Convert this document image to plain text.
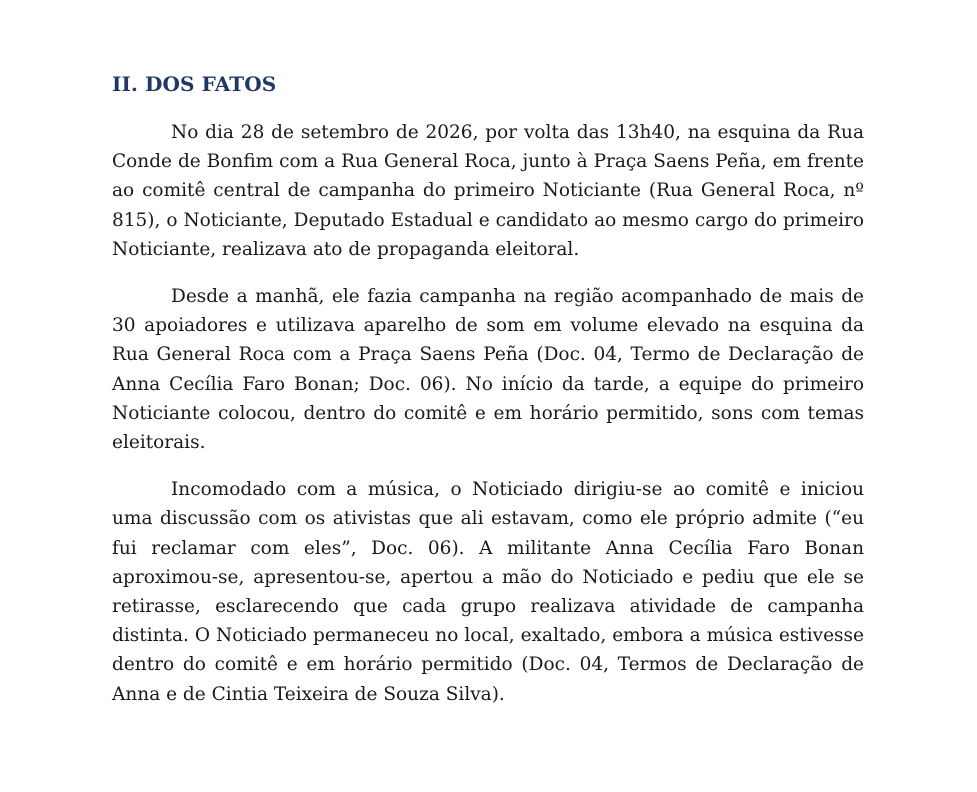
II. DOS FATOS

No dia 28 de setembro de 2026, por volta das 13h40, na esquina da Rua Conde de Bonfim com a Rua General Roca, junto à Praça Saens Peña, em frente ao comitê central de campanha do primeiro Noticiante (Rua General Roca, nº 815), o Noticiante, Deputado Estadual e candidato ao mesmo cargo do primeiro Noticiante, realizava ato de propaganda eleitoral.

Desde a manhã, ele fazia campanha na região acompanhado de mais de 30 apoiadores e utilizava aparelho de som em volume elevado na esquina da Rua General Roca com a Praça Saens Peña (Doc. 04, Termo de Declaração de Anna Cecília Faro Bonan; Doc. 06). No início da tarde, a equipe do primeiro Noticiante colocou, dentro do comitê e em horário permitido, sons com temas eleitorais.

Incomodado com a música, o Noticiado dirigiu-se ao comitê e iniciou uma discussão com os ativistas que ali estavam, como ele próprio admite (“eu fui reclamar com eles”, Doc. 06). A militante Anna Cecília Faro Bonan aproximou-se, apresentou-se, apertou a mão do Noticiado e pediu que ele se retirasse, esclarecendo que cada grupo realizava atividade de campanha distinta. O Noticiado permaneceu no local, exaltado, embora a música estivesse dentro do comitê e em horário permitido (Doc. 04, Termos de Declaração de Anna e de Cintia Teixeira de Souza Silva).
